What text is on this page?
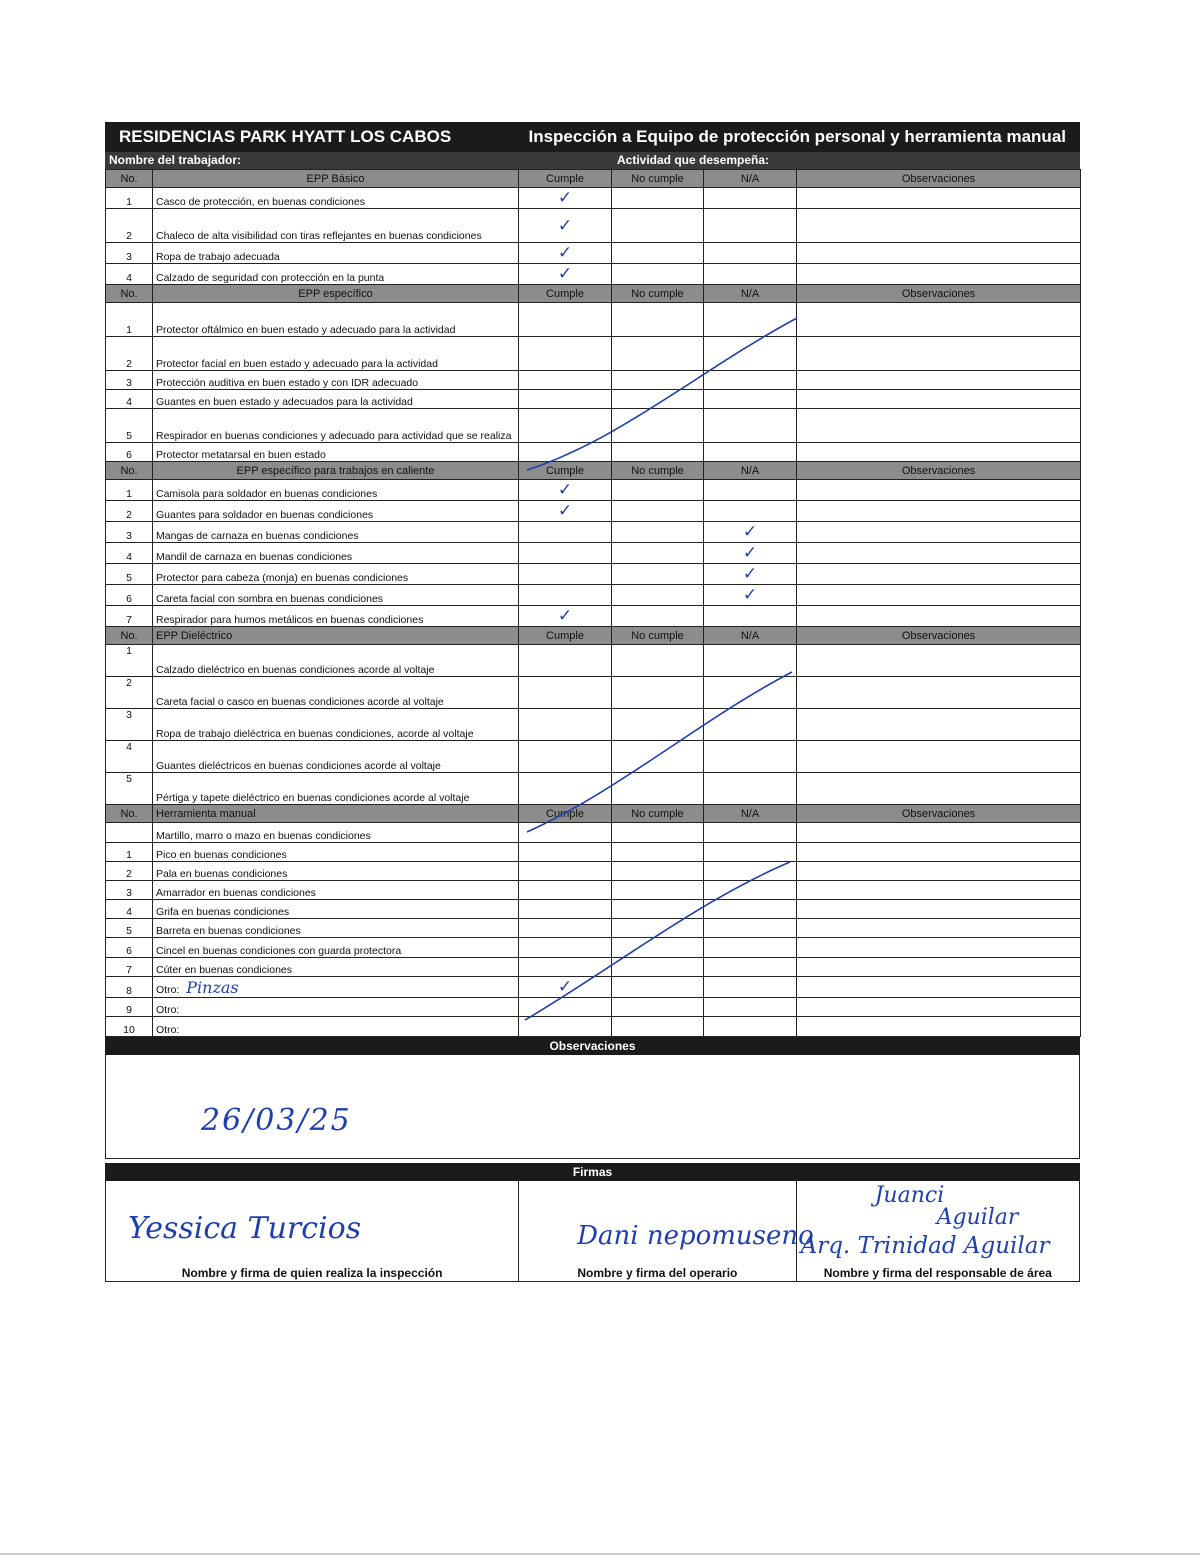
RESIDENCIAS PARK HYATT LOS CABOS	Inspección a Equipo de protección personal y herramienta manual
Nombre del trabajador:	Actividad que desempeña:
No.	EPP Básico	Cumple	No cumple	N/A	Observaciones
1	Casco de protección, en buenas condiciones	✓			
2	Chaleco de alta visibilidad con tiras reflejantes en buenas condiciones	✓			
3	Ropa de trabajo adecuada	✓			
4	Calzado de seguridad con protección en la punta	✓			
No.	EPP específico	Cumple	No cumple	N/A	Observaciones
1	Protector oftálmico en buen estado y adecuado para la actividad				
2	Protector facial en buen estado y adecuado para la actividad				
3	Protección auditiva en buen estado y con IDR adecuado				
4	Guantes en buen estado y adecuados para la actividad				
5	Respirador en buenas condiciones y adecuado para actividad que se realiza				
6	Protector metatarsal en buen estado				
No.	EPP específico para trabajos en caliente	Cumple	No cumple	N/A	Observaciones
1	Camisola para soldador en buenas condiciones	✓			
2	Guantes para soldador en buenas condiciones	✓			
3	Mangas de carnaza en buenas condiciones			✓	
4	Mandil de carnaza en buenas condiciones			✓	
5	Protector para cabeza (monja) en buenas condiciones			✓	
6	Careta facial con sombra en buenas condiciones			✓	
7	Respirador para humos metálicos en buenas condiciones	✓			
No.	EPP Dieléctrico	Cumple	No cumple	N/A	Observaciones
1	Calzado dieléctrico en buenas condiciones acorde al voltaje				
2	Careta facial o casco en buenas condiciones acorde al voltaje				
3	Ropa de trabajo dieléctrica en buenas condiciones, acorde al voltaje				
4	Guantes dieléctricos en buenas condiciones acorde al voltaje				
5	Pértiga y tapete dieléctrico en buenas condiciones acorde al voltaje				
No.	Herramienta manual	Cumple	No cumple	N/A	Observaciones
	Martillo, marro o mazo en buenas condiciones				
1	Pico en buenas condiciones				
2	Pala en buenas condiciones				
3	Amarrador en buenas condiciones				
4	Grifa en buenas condiciones				
5	Barreta en buenas condiciones				
6	Cincel en buenas condiciones con guarda protectora				
7	Cúter en buenas condiciones				
8	Otro: Pinzas	✓			
9	Otro:				
10	Otro:				
Observaciones
26/03/25
Firmas
Yessica Turcios
Nombre y firma de quien realiza la inspección
Dani nepomuseno
Nombre y firma del operario
Juanci
Aguilar
Arq. Trinidad Aguilar
Nombre y firma del responsable de área
